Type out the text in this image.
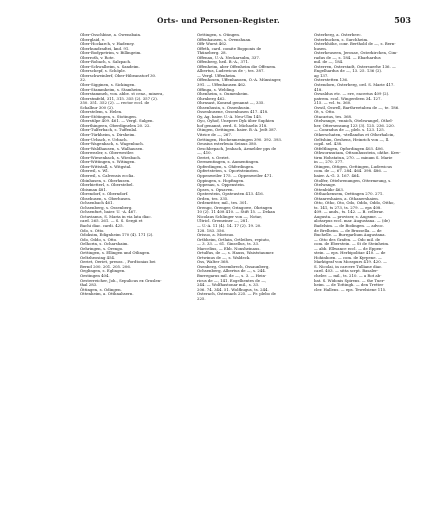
Orts- und Personen-Register.	503
Ober-Osschbine, a. Owensbain.
Oberglaid, v.
Ober-Hockarch, v. Hadeney.
Oberhundradtei, knd. 91.
Ober-Bodypetrim, v. Billingeim.
Oberroth, v. Rote.
Ober-Robach, s. Salzpach.
Ober-Schwalbeim, s. Sandeim.
Oberschepf, s. Schöple.
Oberschweinlerf, Ober-Hibeanstorf 30.
32.
Ober-Sigginen, s. Sickingen.
Ober-Stammheim, s. Stamheim.
Oberstammeh, von. abbe. st cenz., minera,
Oberstmfeld, 311, 315. 355 (2). 357 (2).
350. 351. 352 (2). — rector eccl. de
Schalbur 300 (2).
Oberstelem, s. Helen.
Ober-Stötingen, s. Stotingen.
Oberstilpe 409. 461. — Vergl. Sulgen.
Oberthingeen, Oberdignelen 20. 22.
Ober-Tulferbach, s. Tuffenlal.
Ober-Türkheim, s. Dirsheim.
Ober-Urbach, v. Urbach.
Ober-Wagenbach, s. Wagenbach.
Ober-Waldhausen, s. Walhausen.
Oberwezler, s. Oberwestler.
Ober-Wiesenbach, s. Wiesbach.
Ober-Wittingen, s. Witingen.
Ober-Wittstall, s. Witgstal.
Oberwil, s. Wl.
Oberwil, s. Calvensis ecclia.
Obinhusen, s. Oberhusen.
Oberbietterl, s. Oberstebel.
Obisman 481.
Obrendorf, s. Oberndorf.
Obsehusen, s. Oberhusen.
Ochsenbach 461.
Ochsenberg, s. Ossenberg.
Ochsenfurt, baier. U. -A. 467.
Octavianus, S. Maria in via lata diac.
card. 265. 261. — S. S. Sergii et
Bachi diac. cardi. 425.
Odo, s. Otto.
Odoksim, Edignheim 170 (4). 171 (2).
Odo, Oddo, s. Otto.
Oelhorin, s. Ocharshaim.
Oehringen, s. Orengo.
Oettingen, s. Ellingen und Otlingen.
Oeltzheosing 454.
Oeriet, Oeriet, preuss. , Fordtonias bei
Bernd 200. 201. 205. 206.
Oeglingen, s. Eglingen.
Oestingen 404.
Oesterreicher, Joh., Sepulicus ex Gruslen-
thal 283.
Öttingen, s. Odingen.
Ottenheim, a. Otthnahsern.
Oettingen, s. Otingen.
Offenhausen, s. Ovenshuan.
Offr Wurst 462.
Offeth, card. comite Bopponis de
Thüneberg. 28.
Offenau, U.-A. Neckarsulm, 337.
Offenberg, heil. B.-A., 371.
Offenheim, aber Offenheim die Offenem.
Albertus, Ludewicus de -, tes. 387.
— Vergl. Uffenheim.
Offenhosen, Uffenhausen, O.-A. Münsinger,
391. — Uffenhausen 462.
Offinga, s. Webling.
Ohenheim, s. Oumenheim.
Ohrnberg 462.
Ohrnsast, Konrad genannt —, 335.
Ohsenhusin, s. Ossenhusin.
Ossenhusene, Ossenhusen 417. 418.
Oy, Ag. baier. U.-A. Neu-Ulm 145.
Oyo, Oyhof, Unepere Dyk über Suphien
hof genannt, zerd. S. Michaelis 318.
Otingen, Oettingen. baier. B.-A. Jedt 387.
Vitrice de —, 267.
Oettingen, Hochenmesingen 390. 392. 393.
Oeusius esterleuia Seinus 380.
Oeschbepach, Jenbach, Armelder pps de
—, 410.
Oeriet, s. Oeriet.
Oermentingen, s. Aumentingen.
Opferdingen, s. Ohferdingen.
Opfertsteten, s. Oportsteinsten.
Oppenweiler 175. — Oppenweiler 471.
Oppingen, s. Hopfingen.
Oppenau, s. Oppenstein.
Opses, s. Opsaven.
Opsterstein, Opsteusten 413. 416.
Orden, tes. 335.
Ordenritter, mil., tes. 301.
Orengo, Orenger, Oringowe, Ohringen
10 (2). 11 408 410. — Stift 15. — Dekan
Nicolaus Schlinger von —, Notar,
Ultricl. Gremeiner —, 281.
— U.-A. 11 (4). 14. 17 (2). 19. 20.
128. 183. 356.
Orisuo, a. Morisuo.
Ortbheim, Ortlain, Ortleibes, repiuto,
— 3. 33. — 61. Ginsellus, ts. 33.
Marcelius, — Ebb. Nonsheinaus.
Ortulfus, de —, s. Hauss, Waiststaumer.
Ortwinus de —, s. Waldeck.
Oss, Walter 368.
Osenberg, Ossembrech, Ossaunberg,
Ochsenberg, Albertus de —, s. 244.
Burregarus mil. de —, s. 3. — Hein-
ricus de —, 141. Eogelhentes de —,
244. — Wolfhastonar mil., s. 33.
206. 74. 344. 51. Wolfhugus, ts. 244.
Osterach, Ostemach 225. — Fr. plebo de
225.
Osterberg, a. Osterberc.
Osterbuchen, s. Surchheim.
Osterhhöhe, conr. Berthold de —, s. Bern-
husen.
Osterheuseen, Jerosae, Osterkirchen, Cim-
radus de —, s. 184. — Ebarhardus
mil. de —, 184.
Osterren, Osterstadt, Ostersuerhe 136. —
Engelhardus de —, 13. 25. 136 (2).
ag 137.
Osterstetten 136.
Ostendorn, Osterberg, ord. S. Marie 417.
418.
Oswaldus etc. — ere, eacerius 409 (2).
patrem. ecol. Wingerdeen 34. 127.
215. — vcl. ts. 360.
Oswil, Oswell, Barthreetabea de —, te. 186.
Ot, s. Otto.
Otacarius, tes. 368.
Otelwange, -ennich, Otelswangel, Othel-
her, Ottersensung 123 (3). 125. 236. 220.
— Conradus de —, pleb. s. 123. 125.
Otkerschaten, -stellandus et Otherhalcin,
Oeltshim, Oeshens, Heinrich von —, ll.
copil. sel. 438.
Otfeltlingen, Opfordingen 403. 406.
Othwornsutam, Ottsonhusstein, ohthe. Kew-
tirm Hohstatun, 270. — minum S. Marie
in —, 270. 277.
Otingen, Ottigen, Oettingen, Ludewicus
com. de —, 67. 284. 464. 398. 486. —
baier. A.-G. 3. 167. 464.
Otolfer, Ottelwenungen, Ottermeung, s.
Otelwange.
Ottenbühr 463.
Otthackensem, Oettingen 270. 271.
Ottanreshaien, a. Othanershaien.
Otto, Otho, Oto, Odo, Oddo, Oddo, Ottho,
ts. 141, ts 273, ts. 279. — eps 408.
409. — ands., ts. 142. — B. cellerar.
Augusta. — proviser, s. Augsme. —
alotarpus eccl. mar. Augustana. — (de)
Badelsim. — de Bodingen. — advoc.
de Brelheim. — de Brussella. — de
Buchelle. — Burrgarlium Augustana.
— Otto des Grafen. — Odo mil. de
com. de Eberstein. — St de Steinheim.
— abb. Ellwance eccl. — de Eppen-
stein. — eps. Herbipolitae 410. — de
Hohinhoen. — com. de Kyrpene. —
Marktgraf von Mosspurs 419. 420. —
S. Nicolai, in carcere Tulliane diac.
card. 403. — sitta scrpt. Basaler-
cheler. — mil., ts. 210. — a Rot ab-
bat. S. Widonis Spirens. — the Tuer-
heim. — de Tottingh. — den Tretter
cler. Hallens. — eps. Tewelsiene 115.
